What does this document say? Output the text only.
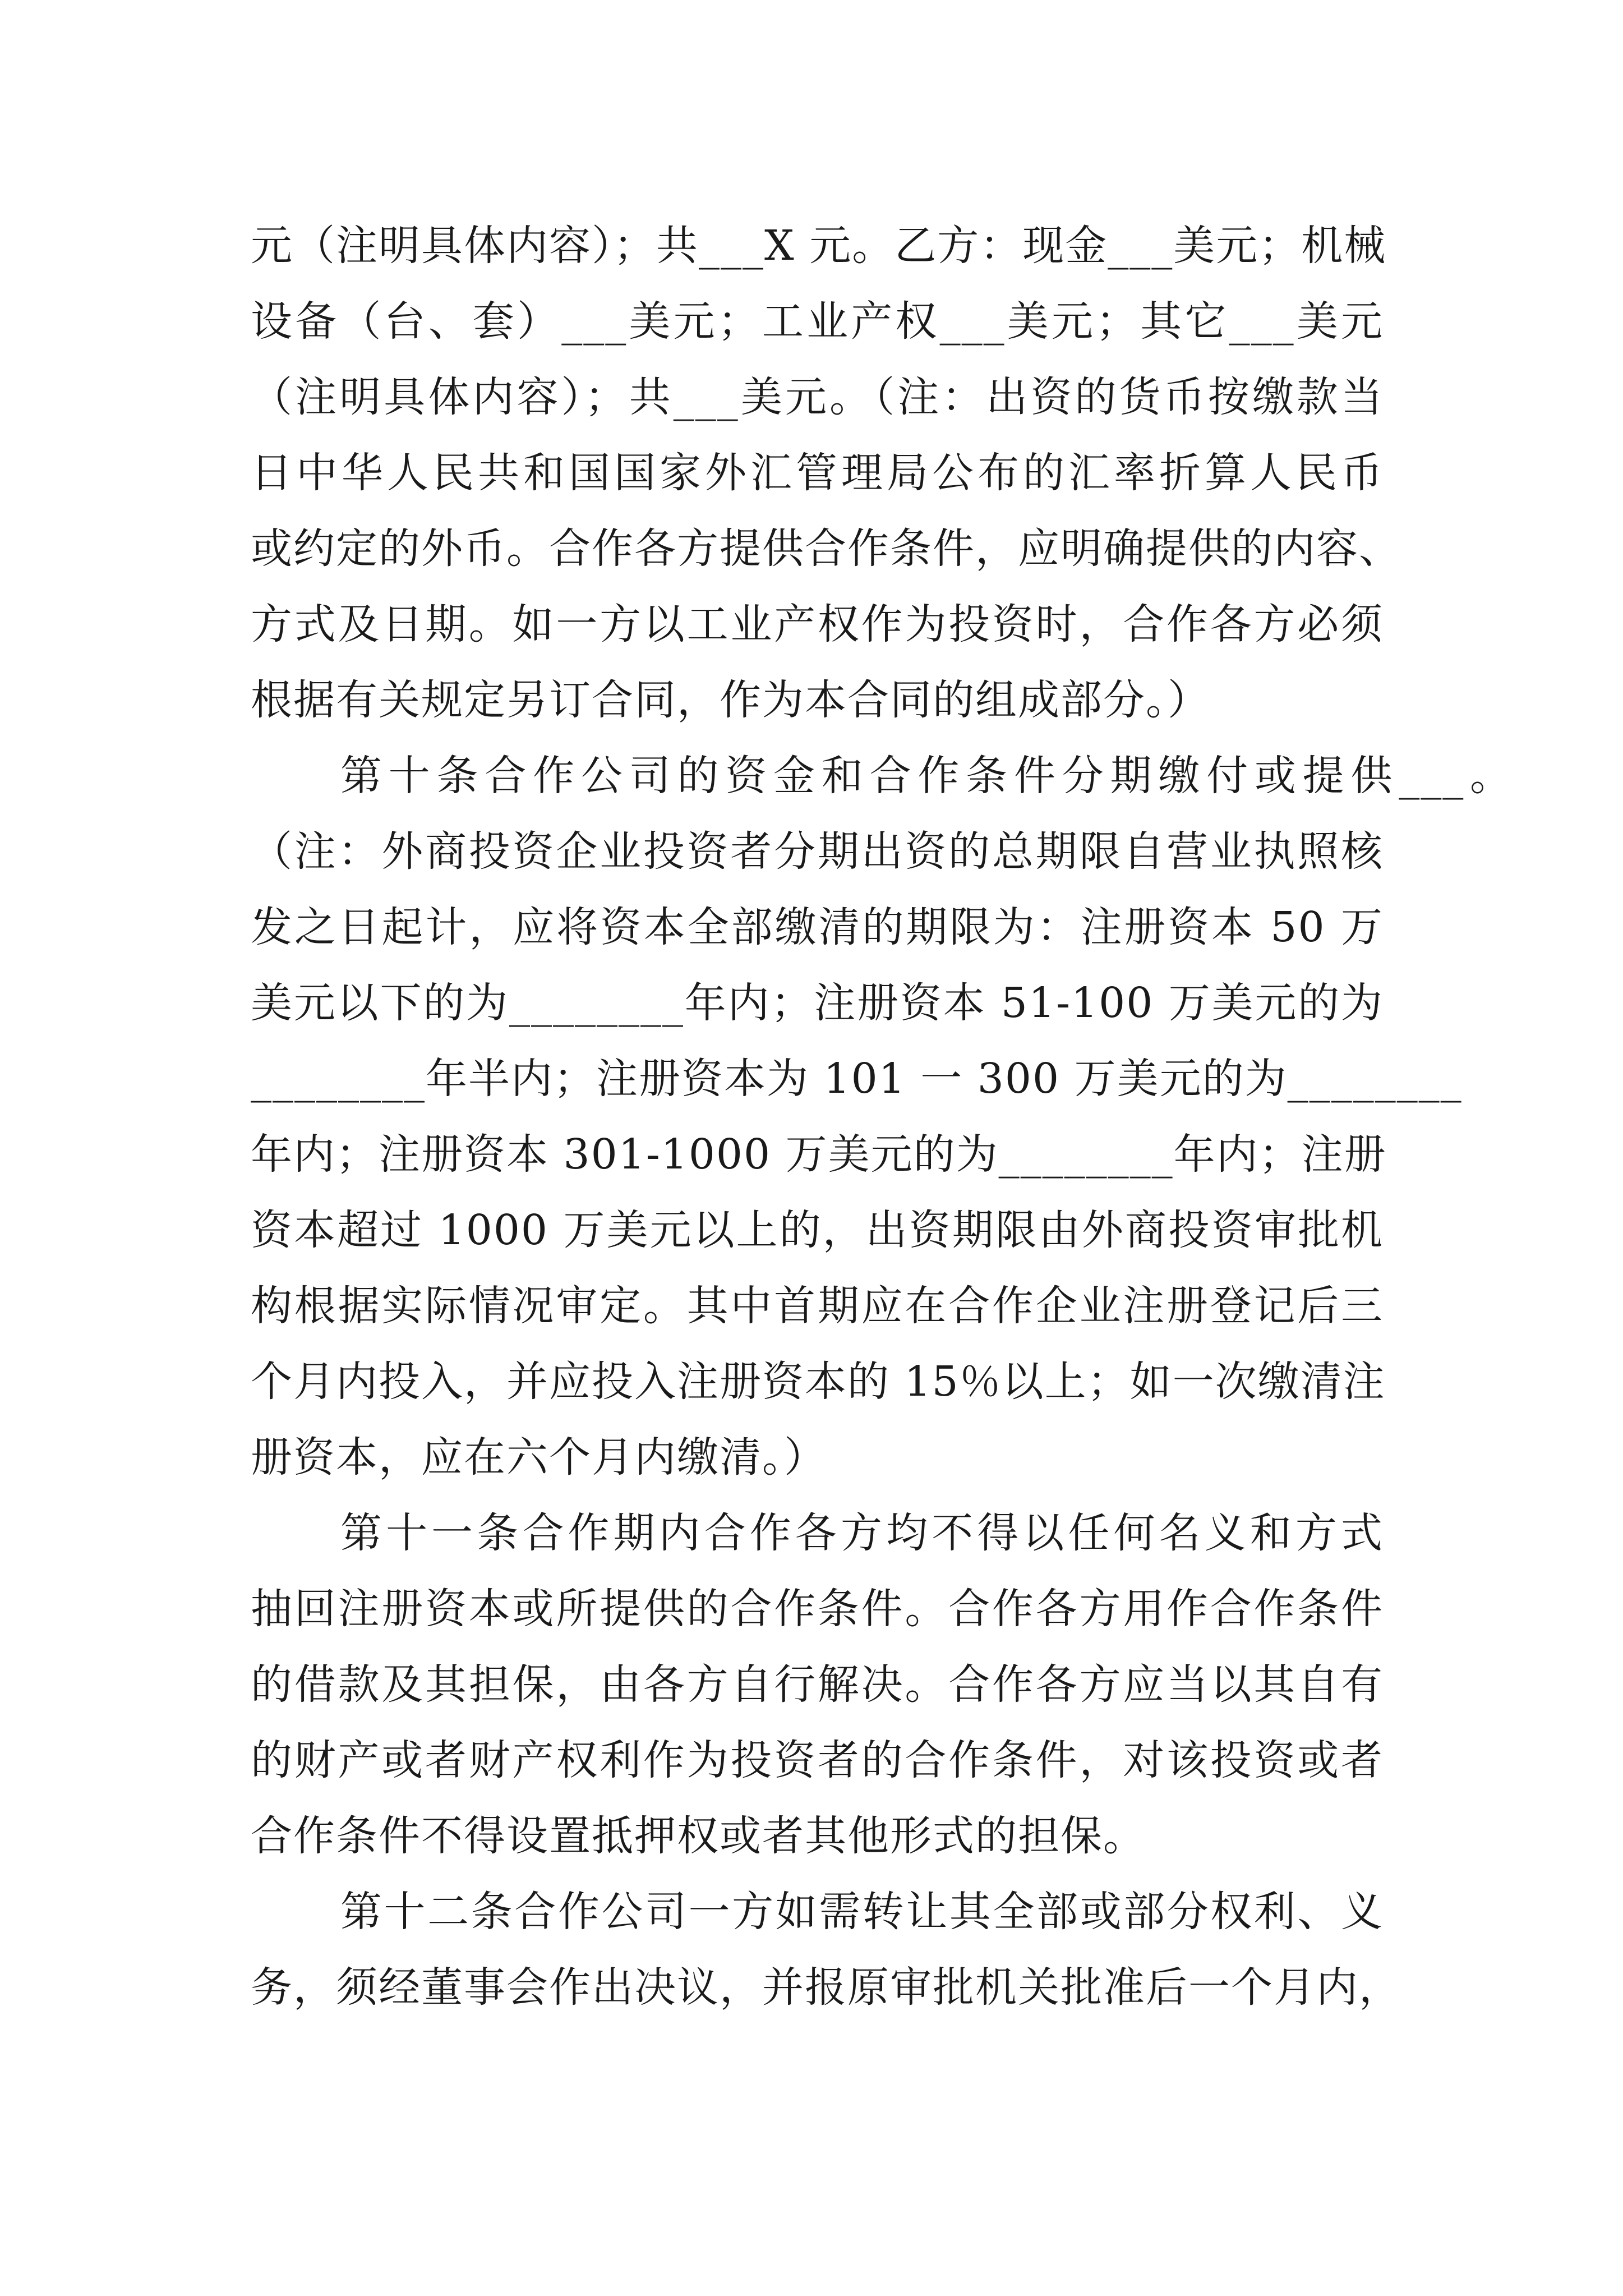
元（注明具体内容）；共___X 元。乙方：现金___美元；机械
设备（台、套）___美元；工业产权___美元；其它___美元
（注明具体内容）；共___美元。（注：出资的货币按缴款当
日中华人民共和国国家外汇管理局公布的汇率折算人民币
或约定的外币。合作各方提供合作条件，应明确提供的内容、
方式及日期。如一方以工业产权作为投资时，合作各方必须
根据有关规定另订合同，作为本合同的组成部分。）
第十条合作公司的资金和合作条件分期缴付或提供___。
（注：外商投资企业投资者分期出资的总期限自营业执照核
发之日起计，应将资本全部缴清的期限为：注册资本 50 万
美元以下的为________年内；注册资本 51-100 万美元的为
________年半内；注册资本为 101 一 300 万美元的为________
年内；注册资本 301-1000 万美元的为________年内；注册
资本超过 1000 万美元以上的，出资期限由外商投资审批机
构根据实际情况审定。其中首期应在合作企业注册登记后三
个月内投入，并应投入注册资本的 15％以上；如一次缴清注
册资本，应在六个月内缴清。）
第十一条合作期内合作各方均不得以任何名义和方式
抽回注册资本或所提供的合作条件。合作各方用作合作条件
的借款及其担保，由各方自行解决。合作各方应当以其自有
的财产或者财产权利作为投资者的合作条件，对该投资或者
合作条件不得设置抵押权或者其他形式的担保。
第十二条合作公司一方如需转让其全部或部分权利、义
务，须经董事会作出决议，并报原审批机关批准后一个月内，
